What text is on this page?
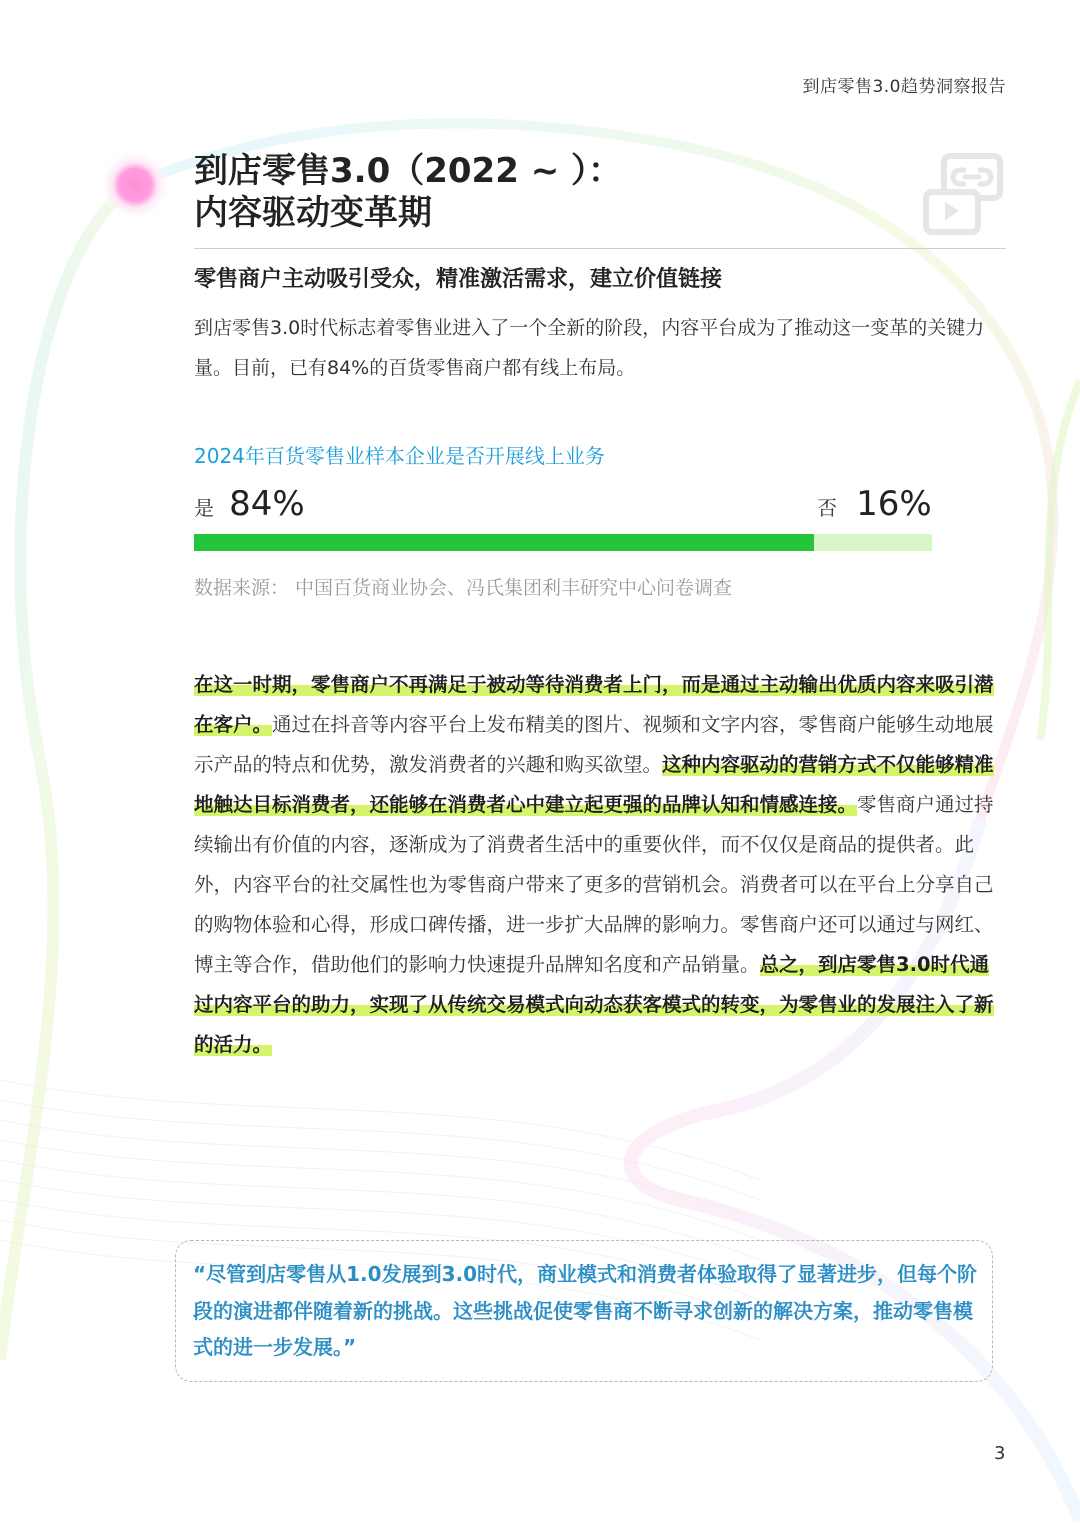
到店零售3.0趋势洞察报告
到店零售3.0（2022 ~ ）：
内容驱动变革期
零售商户主动吸引受众，精准激活需求，建立价值链接
到店零售3.0时代标志着零售业进入了一个全新的阶段，内容平台成为了推动这一变革的关键力量。目前，已有84%的百货零售商户都有线上布局。
2024年百货零售业样本企业是否开展线上业务
是 84%	否 16%
数据来源： 中国百货商业协会、冯氏集团利丰研究中心问卷调查
在这一时期，零售商户不再满足于被动等待消费者上门，而是通过主动输出优质内容来吸引潜在客户。通过在抖音等内容平台上发布精美的图片、视频和文字内容，零售商户能够生动地展示产品的特点和优势，激发消费者的兴趣和购买欲望。这种内容驱动的营销方式不仅能够精准地触达目标消费者，还能够在消费者心中建立起更强的品牌认知和情感连接。零售商户通过持续输出有价值的内容，逐渐成为了消费者生活中的重要伙伴，而不仅仅是商品的提供者。此外，内容平台的社交属性也为零售商户带来了更多的营销机会。消费者可以在平台上分享自己的购物体验和心得，形成口碑传播，进一步扩大品牌的影响力。零售商户还可以通过与网红、博主等合作，借助他们的影响力快速提升品牌知名度和产品销量。总之，到店零售3.0时代通过内容平台的助力，实现了从传统交易模式向动态获客模式的转变，为零售业的发展注入了新的活力。
“尽管到店零售从1.0发展到3.0时代，商业模式和消费者体验取得了显著进步，但每个阶段的演进都伴随着新的挑战。这些挑战促使零售商不断寻求创新的解决方案，推动零售模式的进一步发展。”
3
